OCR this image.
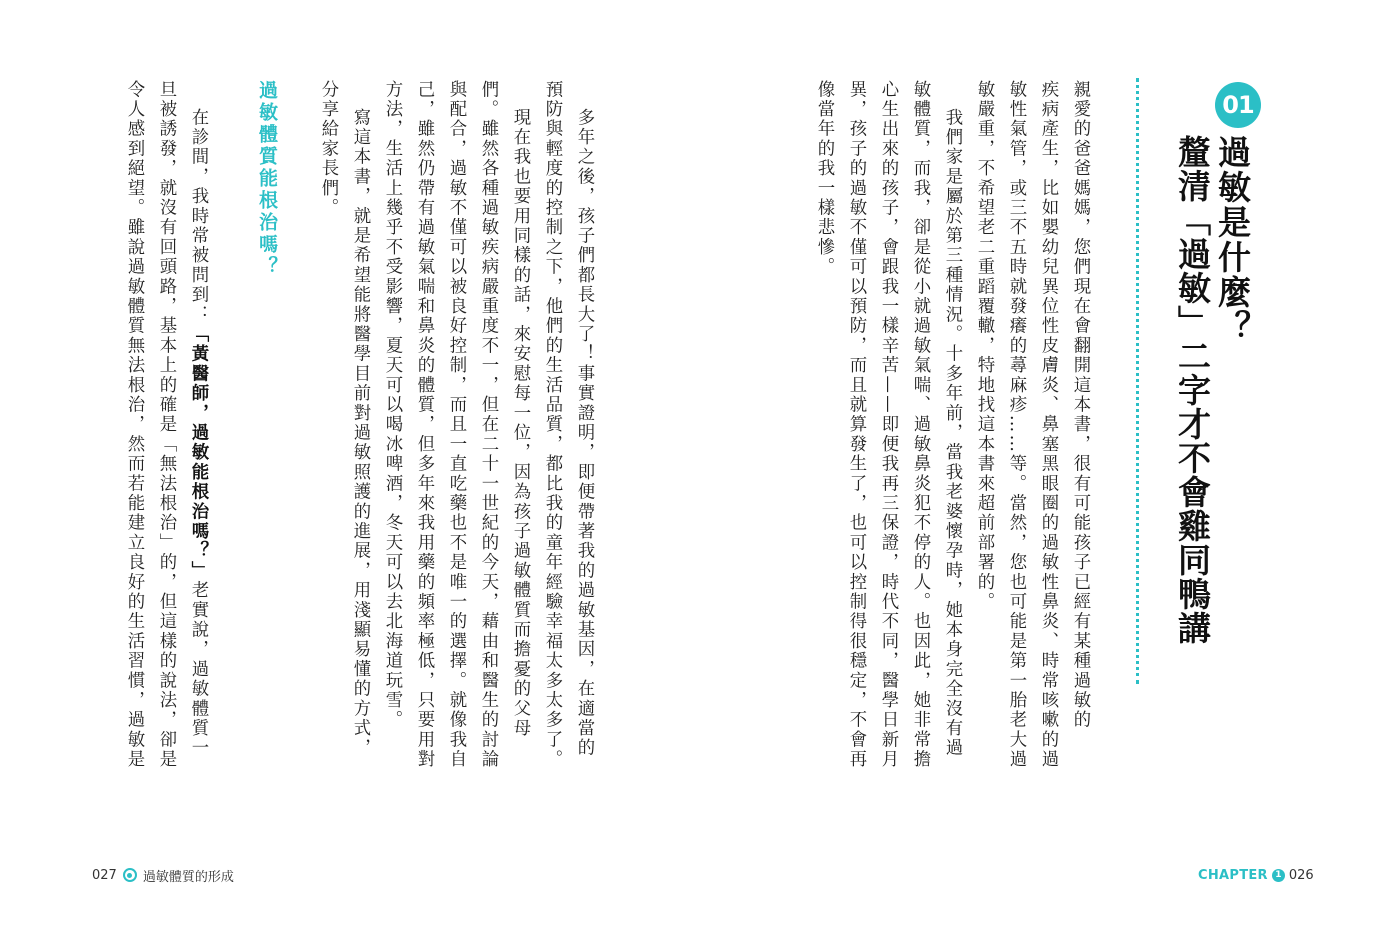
01
過敏是什麼？
釐清「過敏」二字才不會雞同鴨講
親愛的爸爸媽媽，您們現在會翻開這本書，很有可能孩子已經有某種過敏的
疾病產生，比如嬰幼兒異位性皮膚炎、鼻塞黑眼圈的過敏性鼻炎、時常咳嗽的過
敏性氣管，或三不五時就發癢的蕁麻疹……等。當然，您也可能是第一胎老大過
敏嚴重，不希望老二重蹈覆轍，特地找這本書來超前部署的。
我們家是屬於第三種情況。十多年前，當我老婆懷孕時，她本身完全沒有過
敏體質，而我，卻是從小就過敏氣喘、過敏鼻炎犯不停的人。也因此，她非常擔
心生出來的孩子，會跟我一樣辛苦——即便我再三保證，時代不同，醫學日新月
異，孩子的過敏不僅可以預防，而且就算發生了，也可以控制得很穩定，不會再
像當年的我一樣悲慘。
CHAPTER 1 026
多年之後，孩子們都長大了！事實證明，即便帶著我的過敏基因，在適當的
預防與輕度的控制之下，他們的生活品質，都比我的童年經驗幸福太多太多了。
現在我也要用同樣的話，來安慰每一位，因為孩子過敏體質而擔憂的父母
們。雖然各種過敏疾病嚴重度不一，但在二十一世紀的今天，藉由和醫生的討論
與配合，過敏不僅可以被良好控制，而且一直吃藥也不是唯一的選擇。就像我自
己，雖然仍帶有過敏氣喘和鼻炎的體質，但多年來我用藥的頻率極低，只要用對
方法，生活上幾乎不受影響，夏天可以喝冰啤酒，冬天可以去北海道玩雪。
分享給家長們。 寫這本書，就是希望能將醫學目前對過敏照護的進展，用淺顯易懂的方式，
過敏體質能根治嗎？
在診間，我時常被問到：「黃醫師，過敏能根治嗎？」老實說，過敏體質一
旦被誘發，就沒有回頭路，基本上的確是「無法根治」的，但這樣的說法，卻是
令人感到絕望。雖說過敏體質無法根治，然而若能建立良好的生活習慣，過敏是
027 過敏體質的形成
